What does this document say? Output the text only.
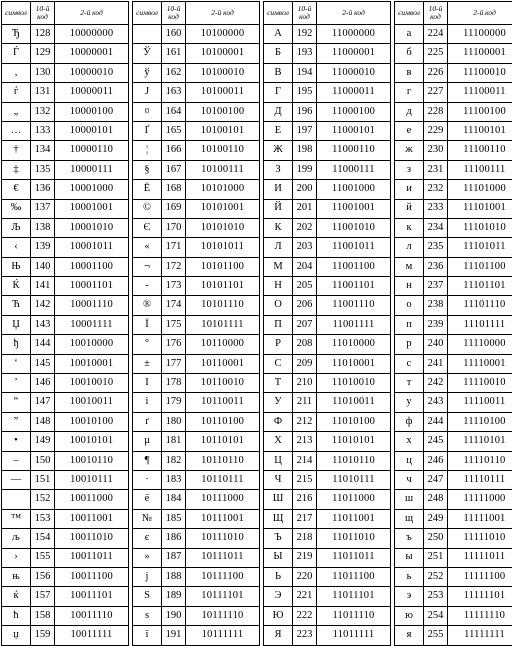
символ	10-й код	2-й код		символ	10-й код	2-й код		символ	10-й код	2-й код		символ	10-й код	2-й код
Ђ	128	10000000			160	10100000		А	192	11000000		а	224	11100000
Ѓ	129	10000001		Ў	161	10100001		Б	193	11000001		б	225	11100001
‚	130	10000010		ў	162	10100010		В	194	11000010		в	226	11100010
ѓ	131	10000011		Ј	163	10100011		Г	195	11000011		г	227	11100011
„	132	10000100		¤	164	10100100		Д	196	11000100		д	228	11100100
…	133	10000101		Ґ	165	10100101		Е	197	11000101		е	229	11100101
†	134	10000110		¦	166	10100110		Ж	198	11000110		ж	230	11100110
‡	135	10000111		§	167	10100111		З	199	11000111		з	231	11100111
€	136	10001000		Ё	168	10101000		И	200	11001000		и	232	11101000
‰	137	10001001		©	169	10101001		Й	201	11001001		й	233	11101001
Љ	138	10001010		Є	170	10101010		К	202	11001010		к	234	11101010
‹	139	10001011		«	171	10101011		Л	203	11001011		л	235	11101011
Њ	140	10001100		¬	172	10101100		М	204	11001100		м	236	11101100
Ќ	141	10001101		-	173	10101101		Н	205	11001101		н	237	11101101
Ћ	142	10001110		®	174	10101110		О	206	11001110		о	238	11101110
Џ	143	10001111		Ї	175	10101111		П	207	11001111		п	239	11101111
ђ	144	10010000		°	176	10110000		Р	208	11010000		р	240	11110000
‘	145	10010001		±	177	10110001		С	209	11010001		с	241	11110001
’	146	10010010		І	178	10110010		Т	210	11010010		т	242	11110010
“	147	10010011		і	179	10110011		У	211	11010011		у	243	11110011
”	148	10010100		ґ	180	10110100		Ф	212	11010100		ф	244	11110100
•	149	10010101		µ	181	10110101		Х	213	11010101		х	245	11110101
–	150	10010110		¶	182	10110110		Ц	214	11010110		ц	246	11110110
—	151	10010111		·	183	10110111		Ч	215	11010111		ч	247	11110111
	152	10011000		ё	184	10111000		Ш	216	11011000		ш	248	11111000
™	153	10011001		№	185	10111001		Щ	217	11011001		щ	249	11111001
љ	154	10011010		є	186	10111010		Ъ	218	11011010		ъ	250	11111010
›	155	10011011		»	187	10111011		Ы	219	11011011		ы	251	11111011
њ	156	10011100		ј	188	10111100		Ь	220	11011100		ь	252	11111100
ќ	157	10011101		Ѕ	189	10111101		Э	221	11011101		э	253	11111101
ћ	158	10011110		ѕ	190	10111110		Ю	222	11011110		ю	254	11111110
џ	159	10011111		ї	191	10111111		Я	223	11011111		я	255	11111111
